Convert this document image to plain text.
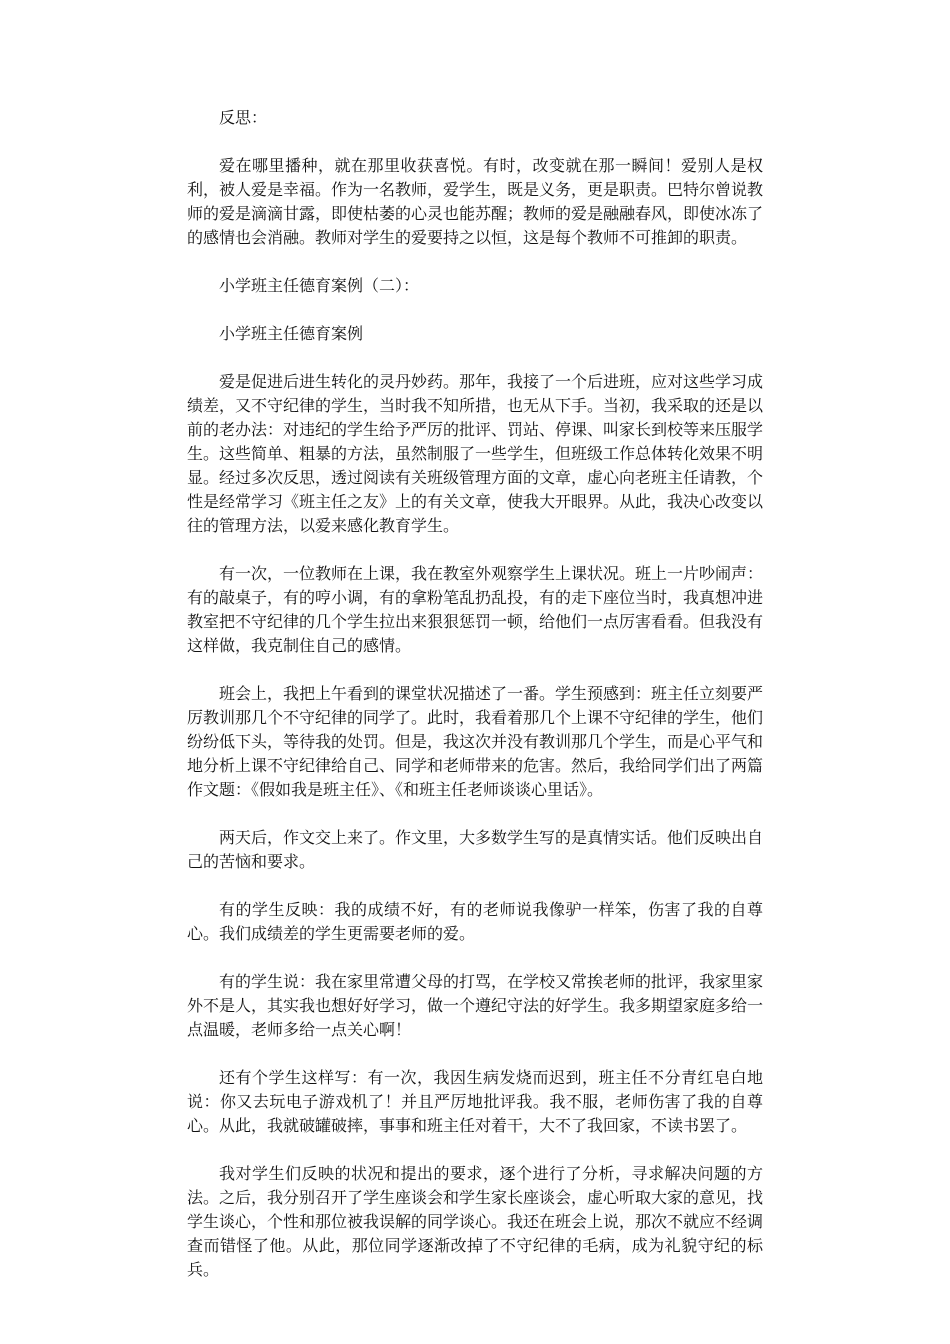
反思：

爱在哪里播种，就在那里收获喜悦。有时，改变就在那一瞬间！爱别人是权利，被人爱是幸福。作为一名教师，爱学生，既是义务，更是职责。巴特尔曾说教师的爱是滴滴甘露，即使枯萎的心灵也能苏醒；教师的爱是融融春风，即使冰冻了的感情也会消融。教师对学生的爱要持之以恒，这是每个教师不可推卸的职责。

小学班主任德育案例（二）：

小学班主任德育案例

爱是促进后进生转化的灵丹妙药。那年，我接了一个后进班，应对这些学习成绩差，又不守纪律的学生，当时我不知所措，也无从下手。当初，我采取的还是以前的老办法：对违纪的学生给予严厉的批评、罚站、停课、叫家长到校等来压服学生。这些简单、粗暴的方法，虽然制服了一些学生，但班级工作总体转化效果不明显。经过多次反思，透过阅读有关班级管理方面的文章，虚心向老班主任请教，个性是经常学习《班主任之友》上的有关文章，使我大开眼界。从此，我决心改变以往的管理方法，以爱来感化教育学生。

有一次，一位教师在上课，我在教室外观察学生上课状况。班上一片吵闹声：有的敲桌子，有的哼小调，有的拿粉笔乱扔乱投，有的走下座位当时，我真想冲进教室把不守纪律的几个学生拉出来狠狠惩罚一顿，给他们一点厉害看看。但我没有这样做，我克制住自己的感情。

班会上，我把上午看到的课堂状况描述了一番。学生预感到：班主任立刻要严厉教训那几个不守纪律的同学了。此时，我看着那几个上课不守纪律的学生，他们纷纷低下头，等待我的处罚。但是，我这次并没有教训那几个学生，而是心平气和地分析上课不守纪律给自己、同学和老师带来的危害。然后，我给同学们出了两篇作文题：《假如我是班主任》、《和班主任老师谈谈心里话》。

两天后，作文交上来了。作文里，大多数学生写的是真情实话。他们反映出自己的苦恼和要求。

有的学生反映：我的成绩不好，有的老师说我像驴一样笨，伤害了我的自尊心。我们成绩差的学生更需要老师的爱。

有的学生说：我在家里常遭父母的打骂，在学校又常挨老师的批评，我家里家外不是人，其实我也想好好学习，做一个遵纪守法的好学生。我多期望家庭多给一点温暖，老师多给一点关心啊！

还有个学生这样写：有一次，我因生病发烧而迟到，班主任不分青红皂白地说：你又去玩电子游戏机了！并且严厉地批评我。我不服，老师伤害了我的自尊心。从此，我就破罐破摔，事事和班主任对着干，大不了我回家，不读书罢了。

我对学生们反映的状况和提出的要求，逐个进行了分析，寻求解决问题的方法。之后，我分别召开了学生座谈会和学生家长座谈会，虚心听取大家的意见，找学生谈心，个性和那位被我误解的同学谈心。我还在班会上说，那次不就应不经调查而错怪了他。从此，那位同学逐渐改掉了不守纪律的毛病，成为礼貌守纪的标兵。
